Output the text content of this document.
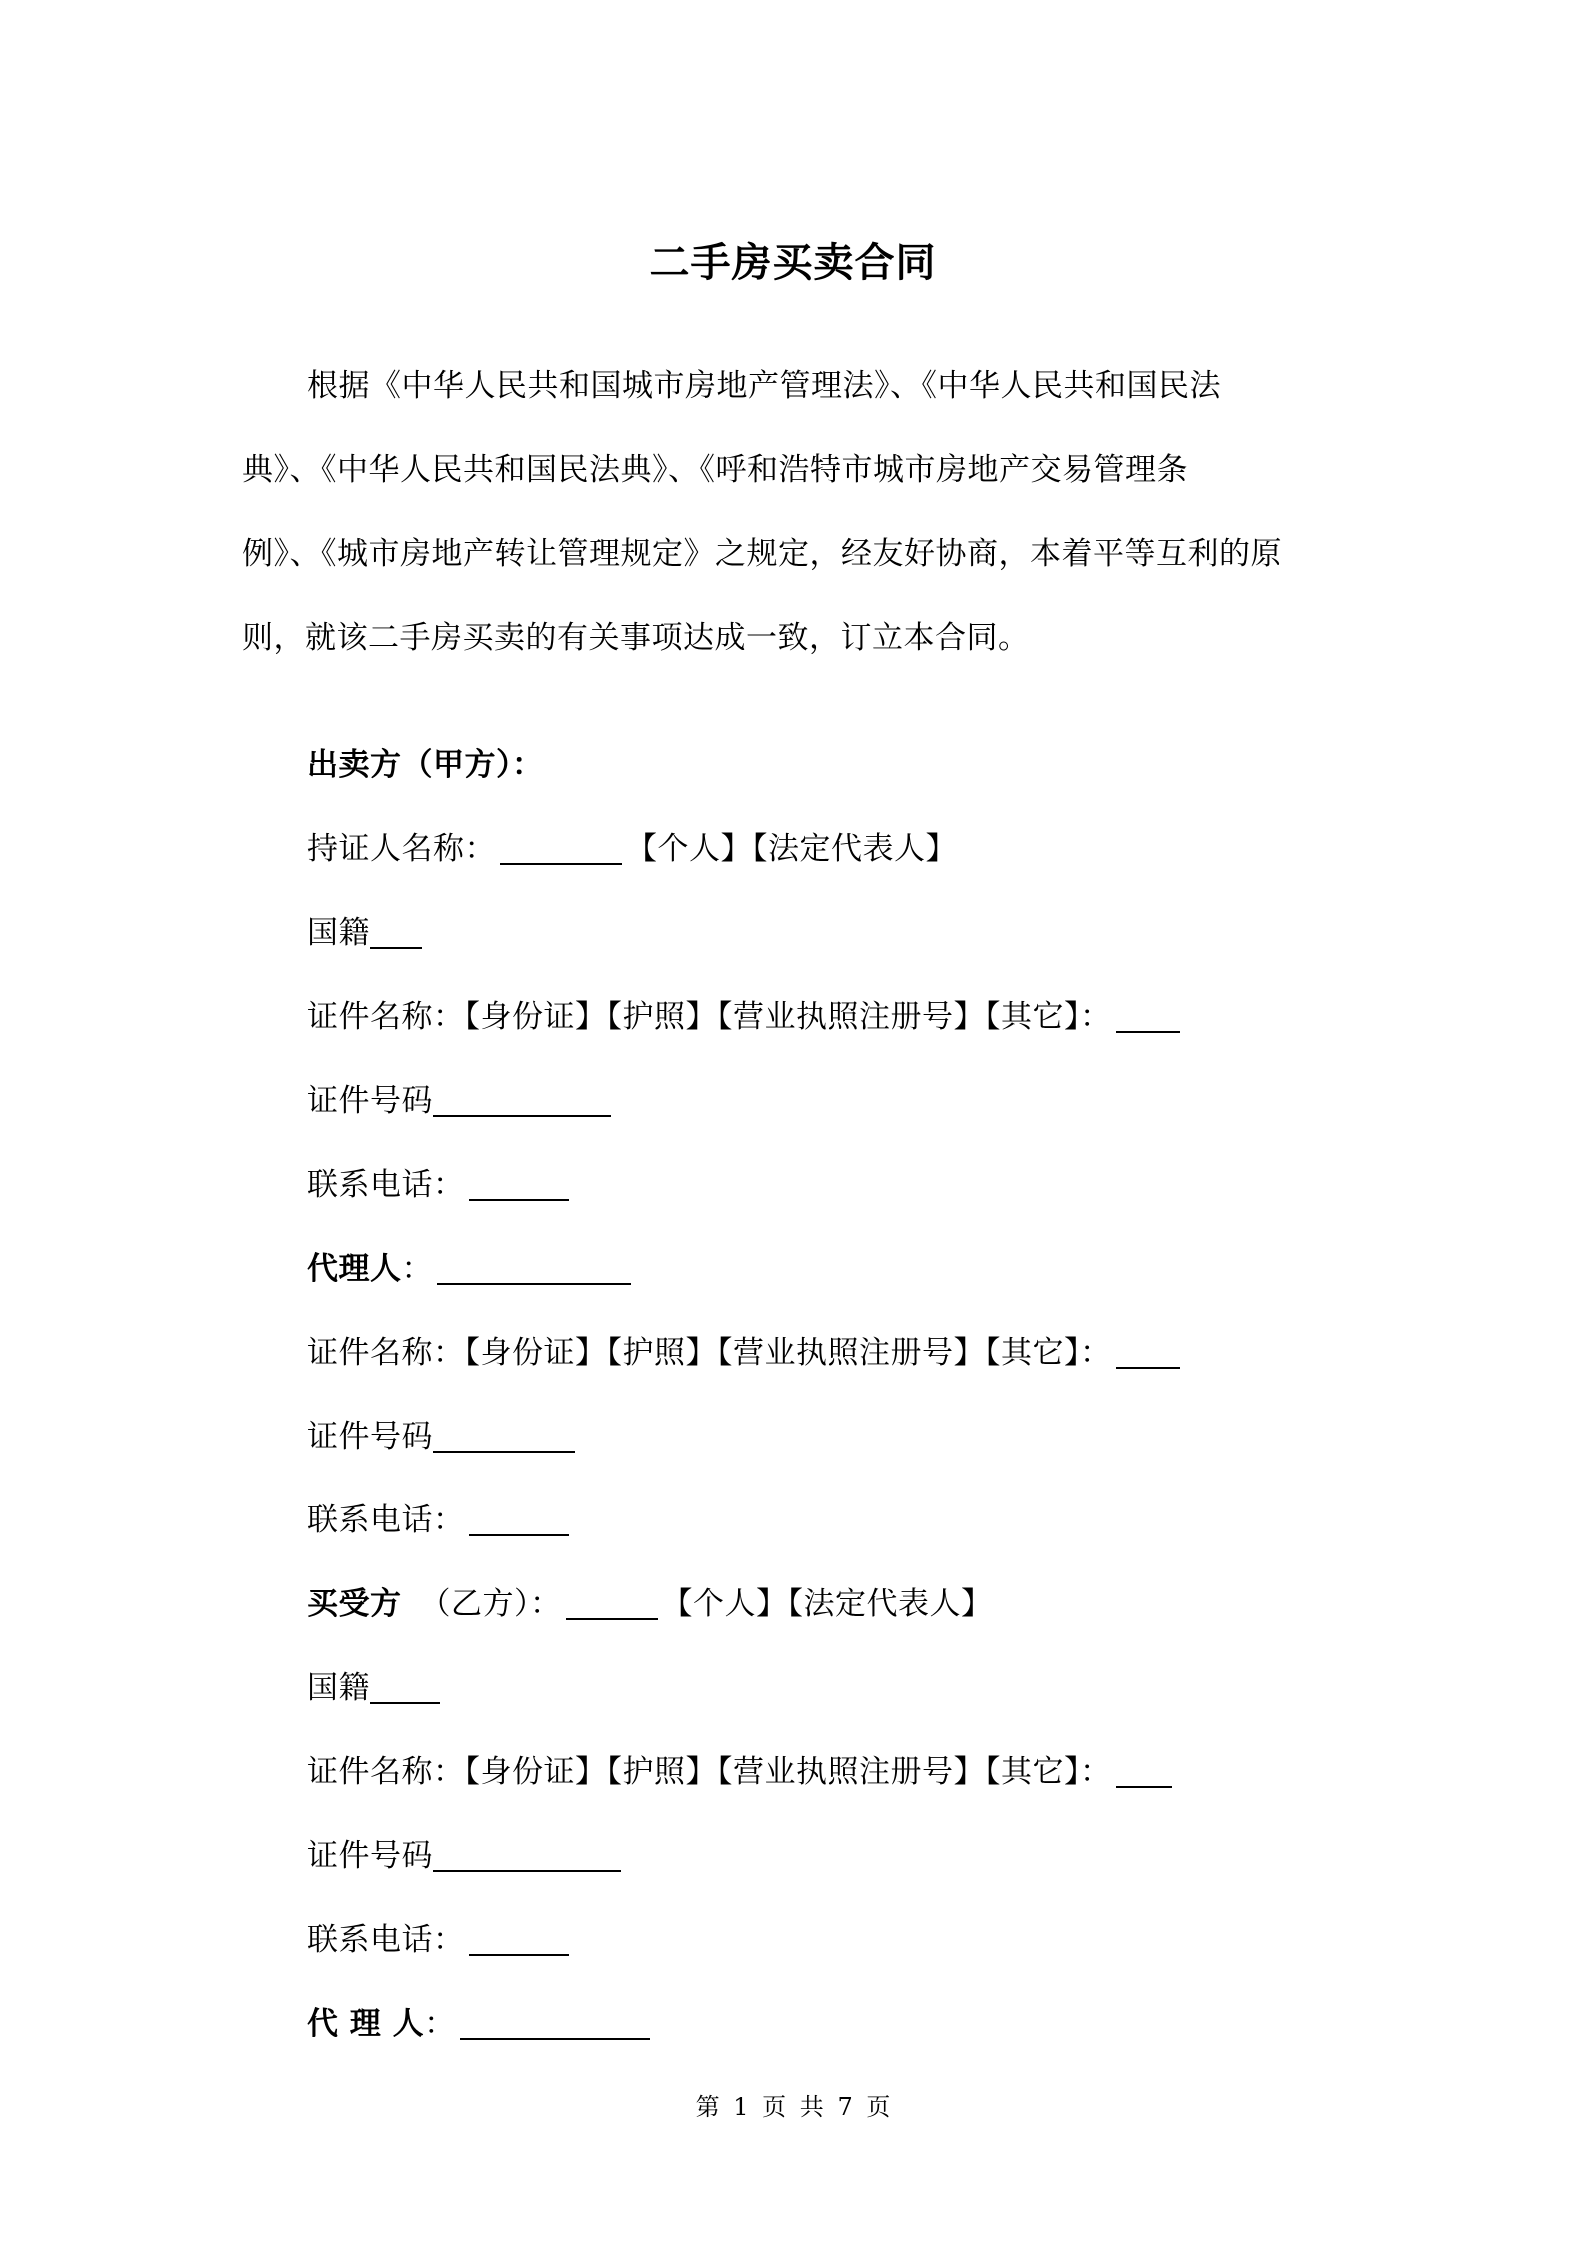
二手房买卖合同
根据《中华人民共和国城市房地产管理法》、《中华人民共和国民法
典》、《中华人民共和国民法典》、《呼和浩特市城市房地产交易管理条
例》、《城市房地产转让管理规定》之规定，经友好协商，本着平等互利的原
则，就该二手房买卖的有关事项达成一致，订立本合同。
出卖方（甲方）：
持证人名称：	【个人】【法定代表人】
国籍
证件名称：【身份证】【护照】【营业执照注册号】【其它】：
证件号码
联系电话：
代理人：
证件名称：【身份证】【护照】【营业执照注册号】【其它】：
证件号码
联系电话：
买受方 （乙方）：	【个人】【法定代表人】
国籍
证件名称：【身份证】【护照】【营业执照注册号】【其它】：
证件号码
联系电话：
代 理 人：
第 1 页 共 7 页
